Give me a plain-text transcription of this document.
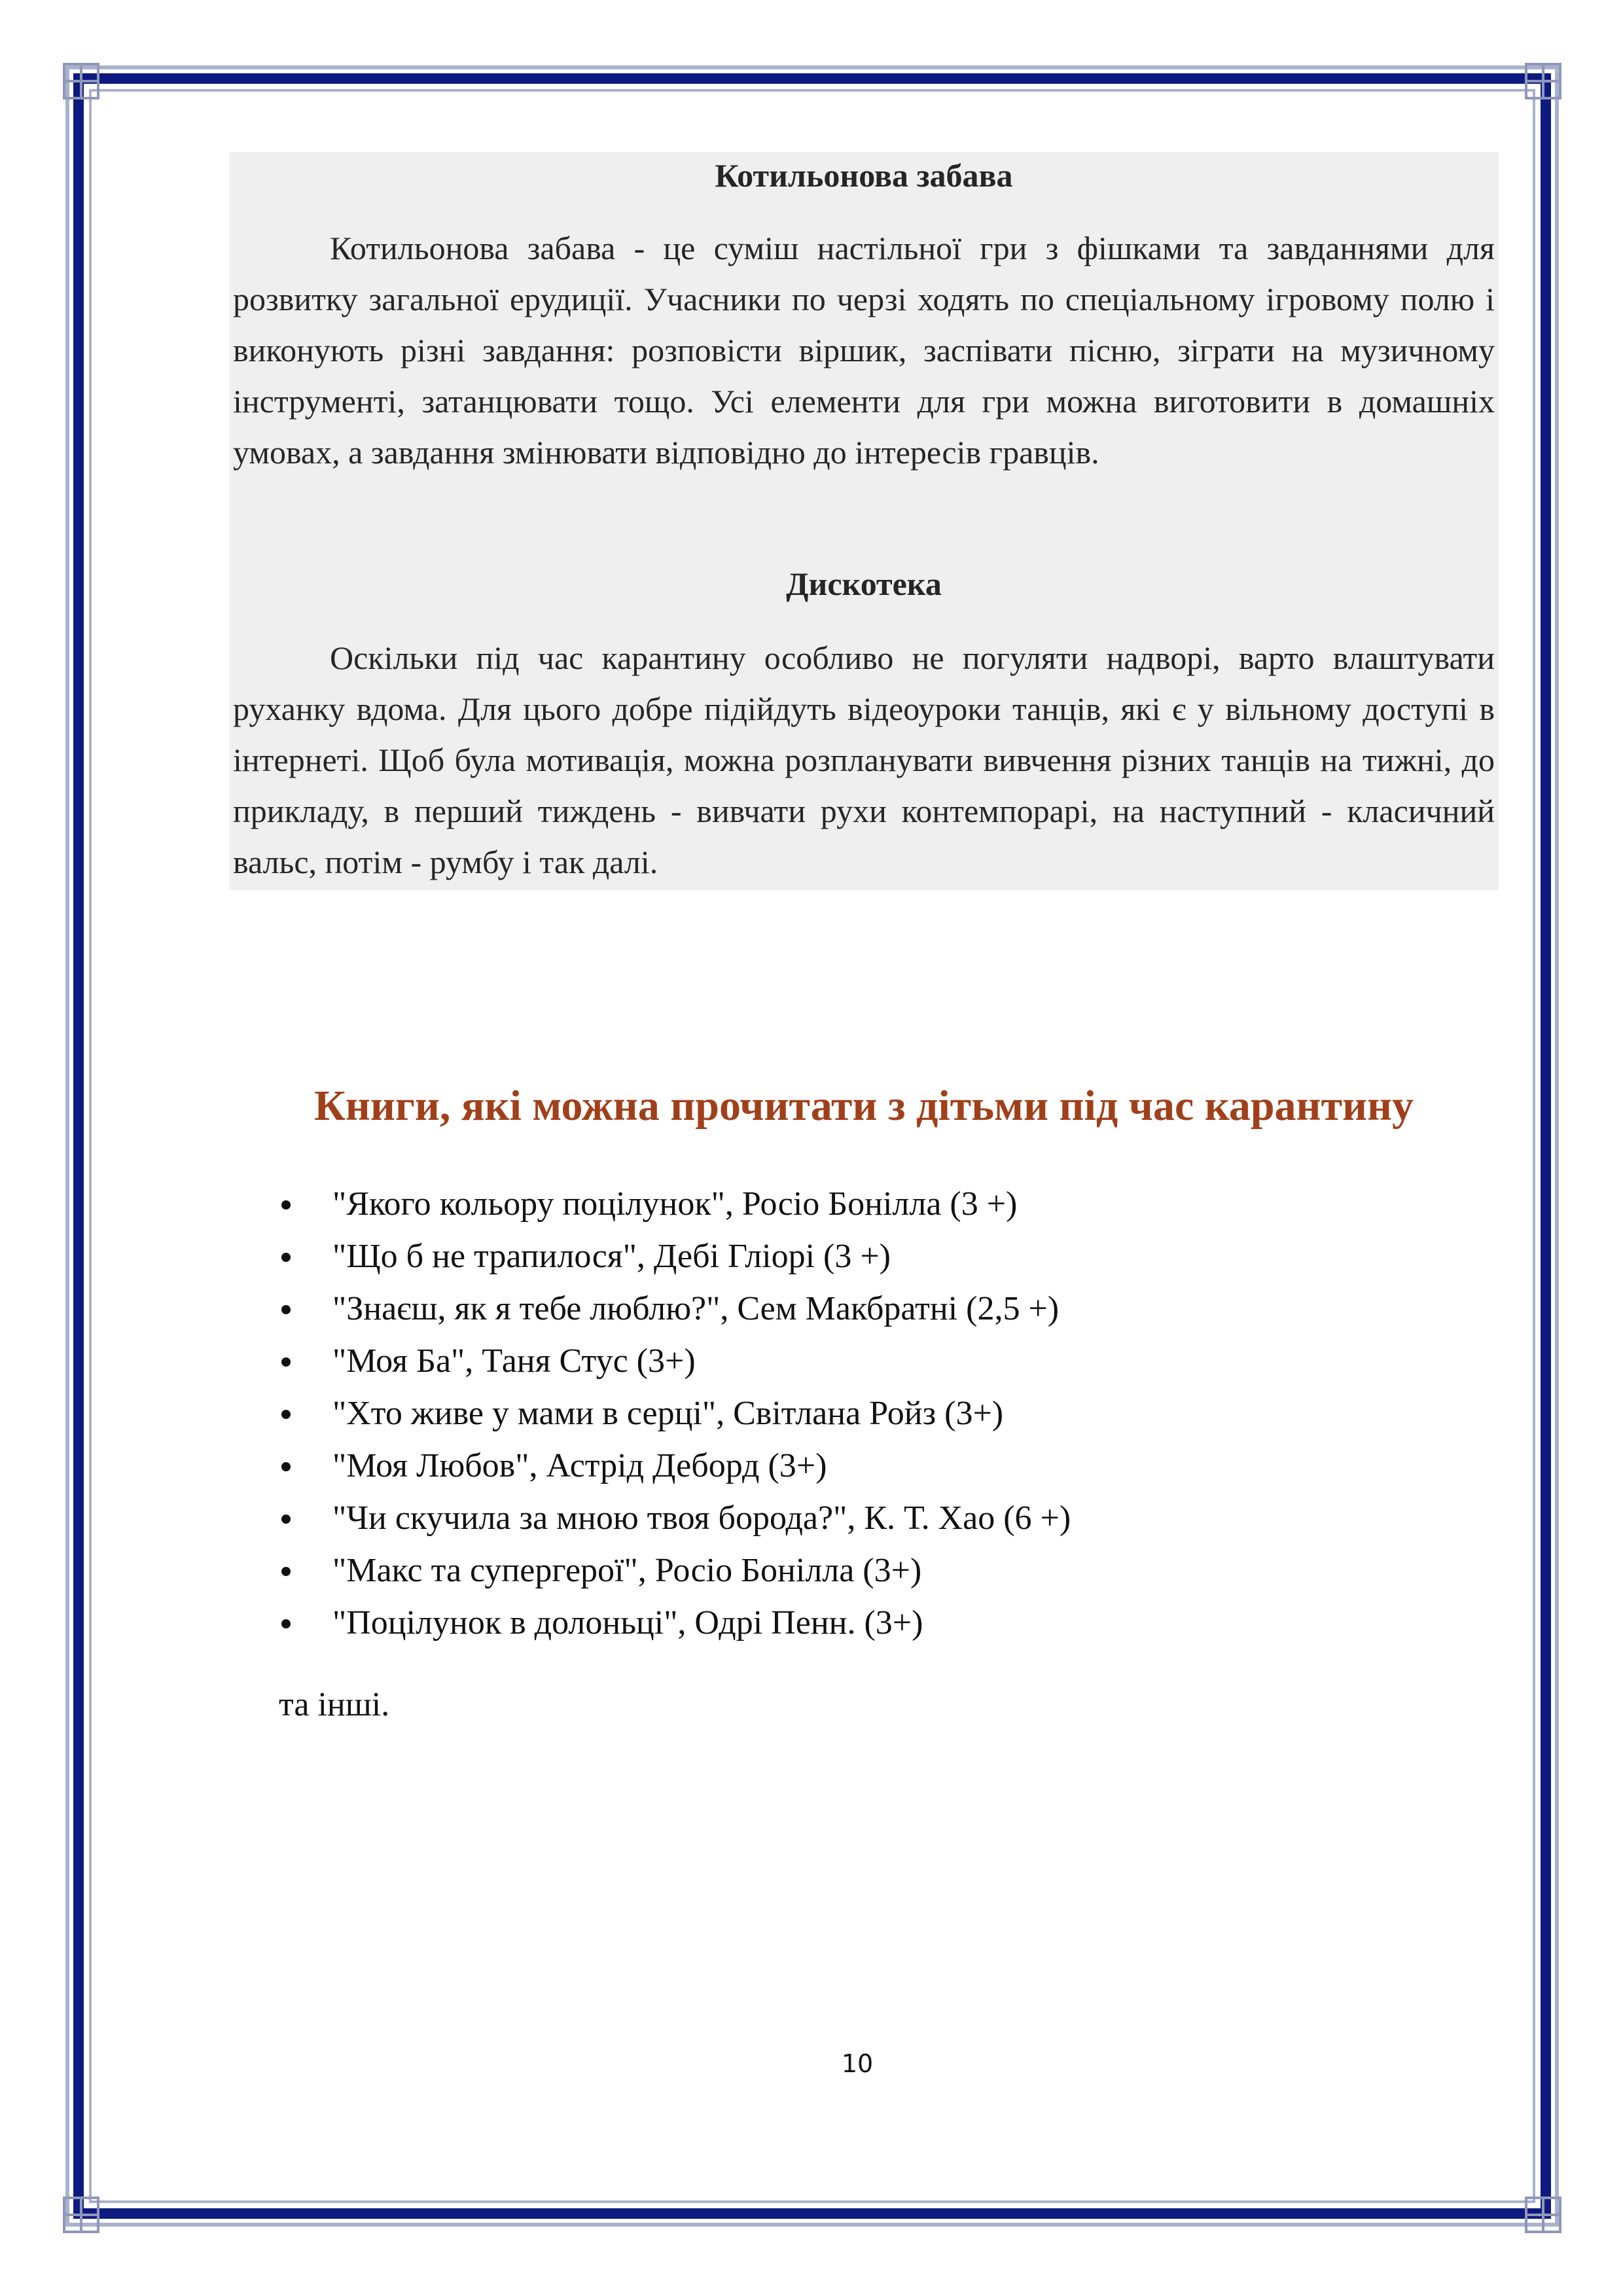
Котильонова забава

Котильонова забава - це суміш настільної гри з фішками та завданнями для розвитку загальної ерудиції. Учасники по черзі ходять по спеціальному ігровому полю і виконують різні завдання: розповісти віршик, заспівати пісню, зіграти на музичному інструменті, затанцювати тощо. Усі елементи для гри можна виготовити в домашніх умовах, а завдання змінювати відповідно до інтересів гравців.

Дискотека

Оскільки під час карантину особливо не погуляти надворі, варто влаштувати руханку вдома. Для цього добре підійдуть відеоуроки танців, які є у вільному доступі в інтернеті. Щоб була мотивація, можна розпланувати вивчення різних танців на тижні, до прикладу, в перший тиждень - вивчати рухи контемпорарі, на наступний - класичний вальс, потім - румбу і так далі.

Книги, які можна прочитати з дітьми під час карантину
"Якого кольору поцілунок", Росіо Бонілла (3 +)
"Що б не трапилося", Дебі Гліорі (3 +)
"Знаєш, як я тебе люблю?", Сем Макбратні (2,5 +)
"Моя Ба", Таня Стус (3+)
"Хто живе у мами в серці", Світлана Ройз (3+)
"Моя Любов", Астрід Деборд (3+)
"Чи скучила за мною твоя борода?", К. Т. Хао (6 +)
"Макс та супергерої", Росіо Бонілла (3+)
"Поцілунок в долоньці", Одрі Пенн. (3+)
та інші.
10
